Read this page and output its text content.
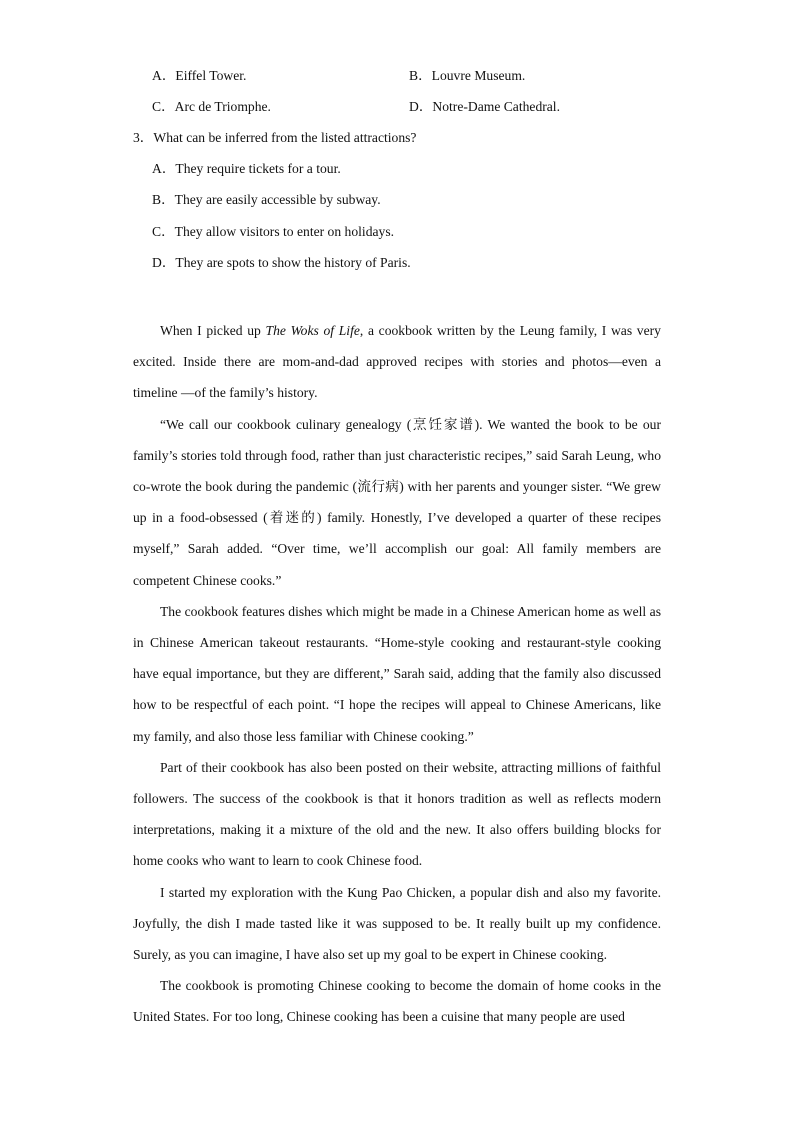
A．Eiffel Tower.	B．Louvre Museum.
C．Arc de Triomphe.	D．Notre-Dame Cathedral.
3．What can be inferred from the listed attractions?
A．They require tickets for a tour.
B．They are easily accessible by subway.
C．They allow visitors to enter on holidays.
D．They are spots to show the history of Paris.

When I picked up The Woks of Life, a cookbook written by the Leung family, I was very excited. Inside there are mom-and-dad approved recipes with stories and photos—even a timeline —of the family’s history.

“We call our cookbook culinary genealogy (烹饪家谱). We wanted the book to be our family’s stories told through food, rather than just characteristic recipes,” said Sarah Leung, who co-wrote the book during the pandemic (流行病) with her parents and younger sister. “We grew up in a food-obsessed (着迷的) family. Honestly, I’ve developed a quarter of these recipes myself,” Sarah added. “Over time, we’ll accomplish our goal: All family members are competent Chinese cooks.”

The cookbook features dishes which might be made in a Chinese American home as well as in Chinese American takeout restaurants. “Home-style cooking and restaurant-style cooking have equal importance, but they are different,” Sarah said, adding that the family also discussed how to be respectful of each point. “I hope the recipes will appeal to Chinese Americans, like my family, and also those less familiar with Chinese cooking.”

Part of their cookbook has also been posted on their website, attracting millions of faithful followers. The success of the cookbook is that it honors tradition as well as reflects modern interpretations, making it a mixture of the old and the new. It also offers building blocks for home cooks who want to learn to cook Chinese food.

I started my exploration with the Kung Pao Chicken, a popular dish and also my favorite. Joyfully, the dish I made tasted like it was supposed to be. It really built up my confidence. Surely, as you can imagine, I have also set up my goal to be expert in Chinese cooking.

The cookbook is promoting Chinese cooking to become the domain of home cooks in the United States. For too long, Chinese cooking has been a cuisine that many people are used
